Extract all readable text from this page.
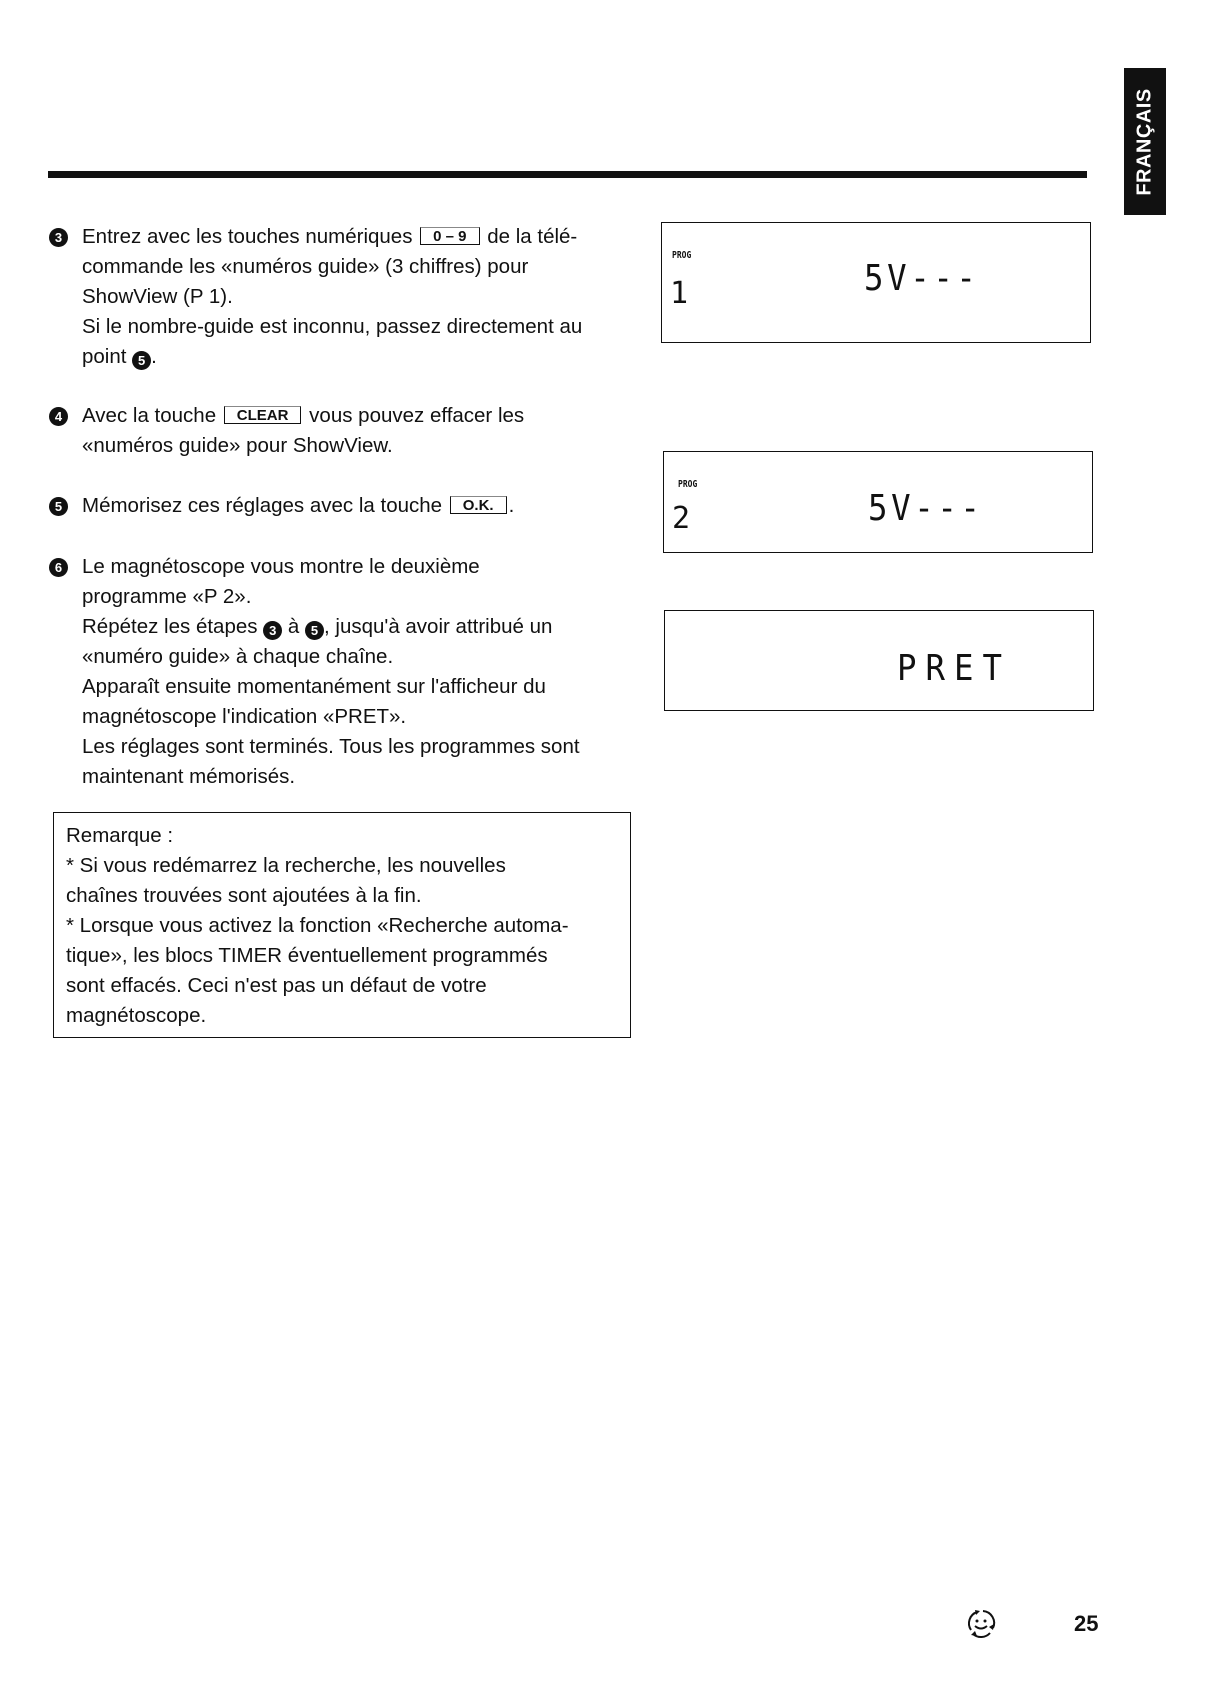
FRANÇAIS
3 Entrez avec les touches numériques 0 – 9 de la télé-
commande les «numéros guide» (3 chiffres) pour
ShowView (P 1).
Si le nombre-guide est inconnu, passez directement au
point 5 .
4 Avec la touche CLEAR vous pouvez effacer les
«numéros guide» pour ShowView.
5 Mémorisez ces réglages avec la touche O.K. .
6 Le magnétoscope vous montre le deuxième
programme «P 2».
Répétez les étapes 3 à 5 , jusqu'à avoir attribué un
«numéro guide» à chaque chaîne.
Apparaît ensuite momentanément sur l'afficheur du
magnétoscope l'indication «PRET».
Les réglages sont terminés. Tous les programmes sont
maintenant mémorisés.
Remarque :
* Si vous redémarrez la recherche, les nouvelles
chaînes trouvées sont ajoutées à la fin.
* Lorsque vous activez la fonction «Recherche automa-
tique», les blocs TIMER éventuellement programmés
sont effacés. Ceci n'est pas un défaut de votre
magnétoscope.
PROG
1	5V---
PROG
2	5V---
PRET
25
